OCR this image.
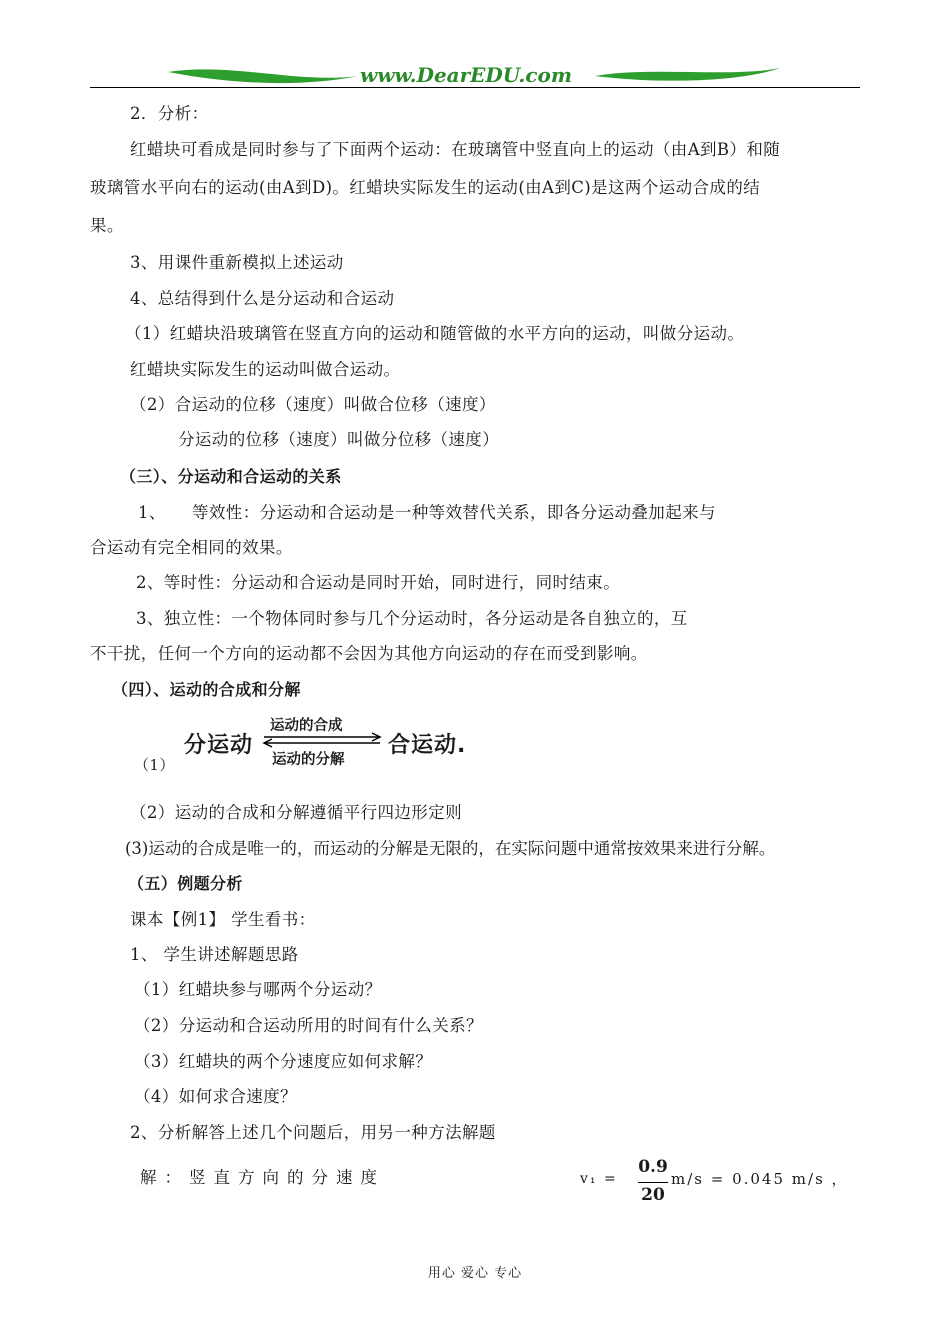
www.DearEDU.com
2．分析：
红蜡块可看成是同时参与了下面两个运动：在玻璃管中竖直向上的运动（由A到B）和随
玻璃管水平向右的运动(由A到D)。红蜡块实际发生的运动(由A到C)是这两个运动合成的结
果。
3、用课件重新模拟上述运动
4、总结得到什么是分运动和合运动
（1）红蜡块沿玻璃管在竖直方向的运动和随管做的水平方向的运动，叫做分运动。
红蜡块实际发生的运动叫做合运动。
（2）合运动的位移（速度）叫做合位移（速度）
分运动的位移（速度）叫做分位移（速度）
（三）、分运动和合运动的关系
1、 等效性：分运动和合运动是一种等效替代关系，即各分运动叠加起来与
合运动有完全相同的效果。
2、等时性：分运动和合运动是同时开始，同时进行，同时结束。
3、独立性：一个物体同时参与几个分运动时，各分运动是各自独立的，互
不干扰，任何一个方向的运动都不会因为其他方向运动的存在而受到影响。
（四）、运动的合成和分解
（1）
分运动
运动的合成
运动的分解
合运动.
（2）运动的合成和分解遵循平行四边形定则
(3)运动的合成是唯一的，而运动的分解是无限的，在实际问题中通常按效果来进行分解。
（五）例题分析
课本【例1】 学生看书：
1、 学生讲述解题思路
（1）红蜡块参与哪两个分运动？
（2）分运动和合运动所用的时间有什么关系？
（3）红蜡块的两个分速度应如何求解？
（4）如何求合速度？
2、分析解答上述几个问题后，用另一种方法解题
解：竖直方向的分速度	v₁ =
0.9
20
m/s = 0.045 m/s ，
用心 爱心 专心
